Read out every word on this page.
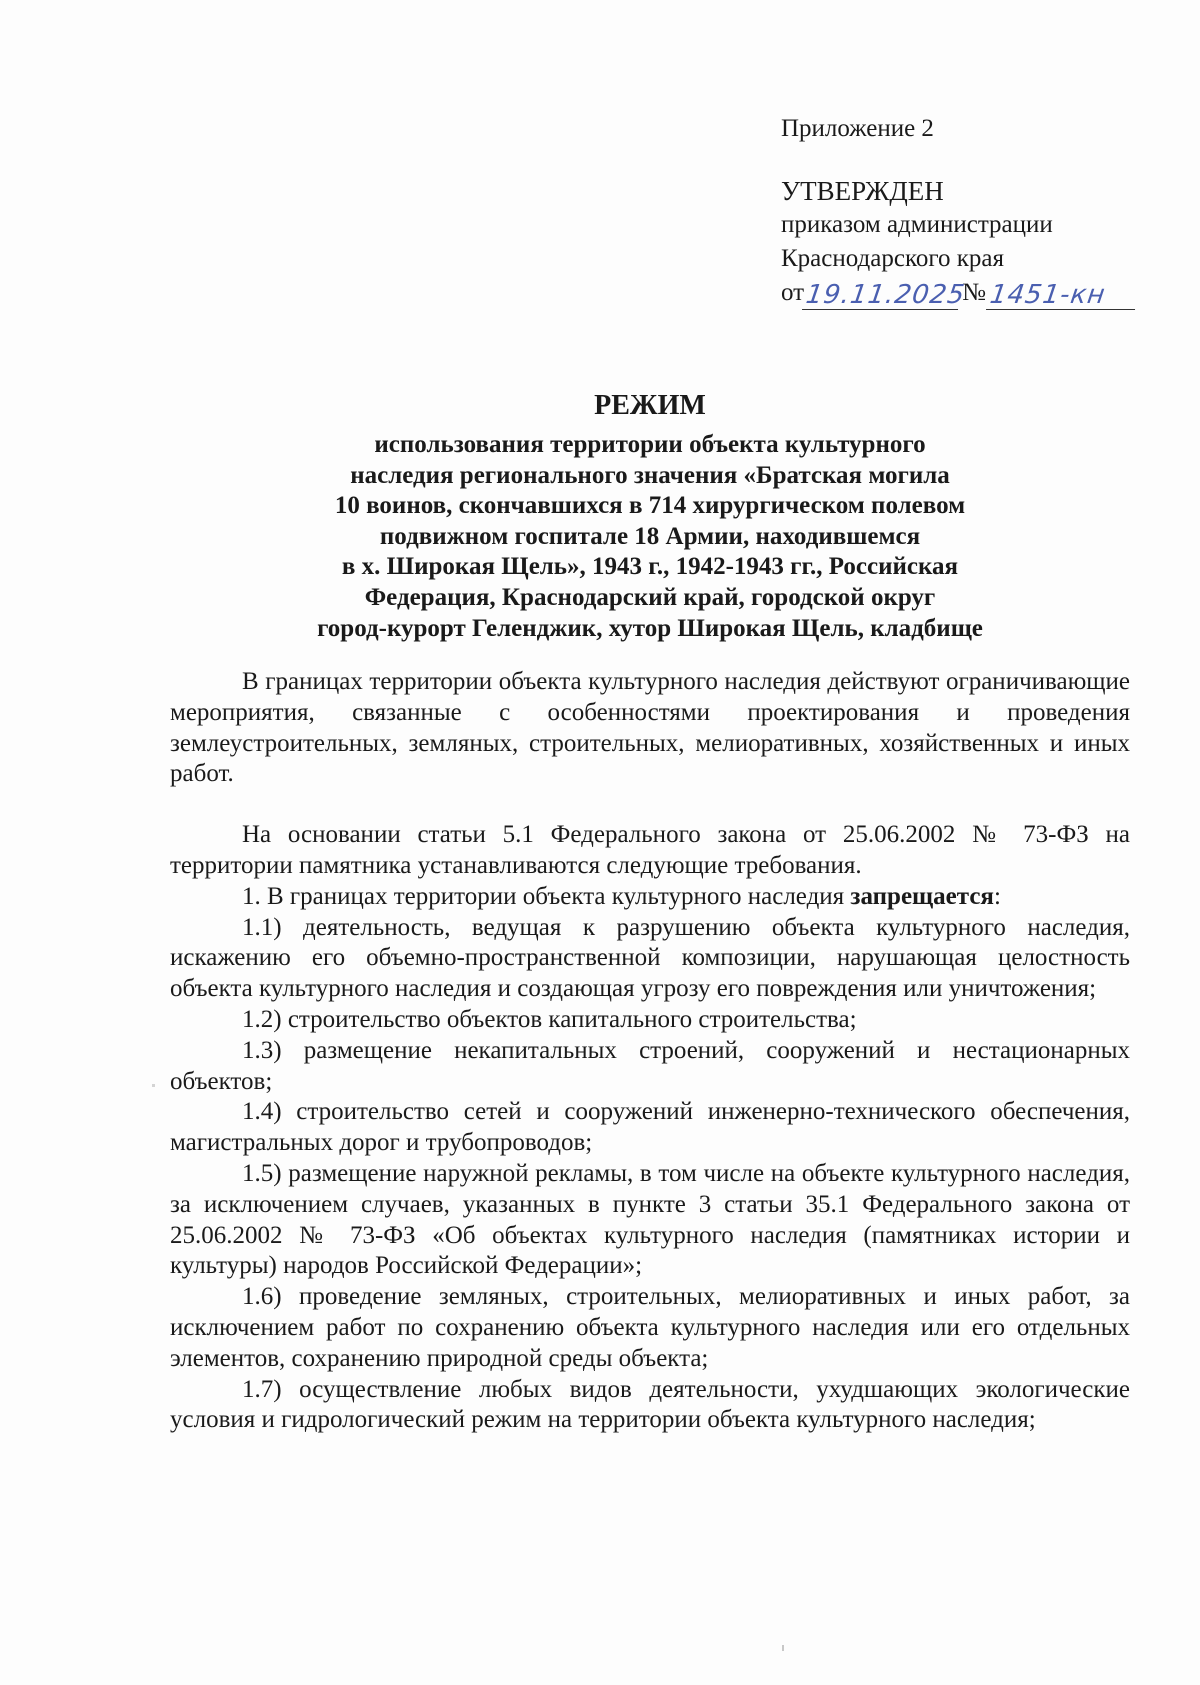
Приложение 2
УТВЕРЖДЕН
приказом администрации
Краснодарского края
от 19.11.2025
№ 1451-кн
РЕЖИМ
использования территории объекта культурного
наследия регионального значения «Братская могила
10 воинов, скончавшихся в 714 хирургическом полевом
подвижном госпитале 18 Армии, находившемся
в х. Широкая Щель», 1943 г., 1942-1943 гг., Российская
Федерация, Краснодарский край, городской округ
город-курорт Геленджик, хутор Широкая Щель, кладбище

В границах территории объекта культурного наследия действуют ограничивающие мероприятия, связанные с особенностями проектирования и проведения землеустроительных, земляных, строительных, мелиоративных, хозяйственных и иных работ.

На основании статьи 5.1 Федерального закона от 25.06.2002 № 73-ФЗ на территории памятника устанавливаются следующие требования.

1. В границах территории объекта культурного наследия запрещается:

1.1) деятельность, ведущая к разрушению объекта культурного наследия, искажению его объемно-пространственной композиции, нарушающая целостность объекта культурного наследия и создающая угрозу его повреждения или уничтожения;

1.2) строительство объектов капитального строительства;

1.3) размещение некапитальных строений, сооружений и нестационарных объектов;

1.4) строительство сетей и сооружений инженерно-технического обеспечения, магистральных дорог и трубопроводов;

1.5) размещение наружной рекламы, в том числе на объекте культурного наследия, за исключением случаев, указанных в пункте 3 статьи 35.1 Федерального закона от 25.06.2002 № 73-ФЗ «Об объектах культурного наследия (памятниках истории и культуры) народов Российской Федерации»;

1.6) проведение земляных, строительных, мелиоративных и иных работ, за исключением работ по сохранению объекта культурного наследия или его отдельных элементов, сохранению природной среды объекта;

1.7) осуществление любых видов деятельности, ухудшающих экологические условия и гидрологический режим на территории объекта культурного наследия;
